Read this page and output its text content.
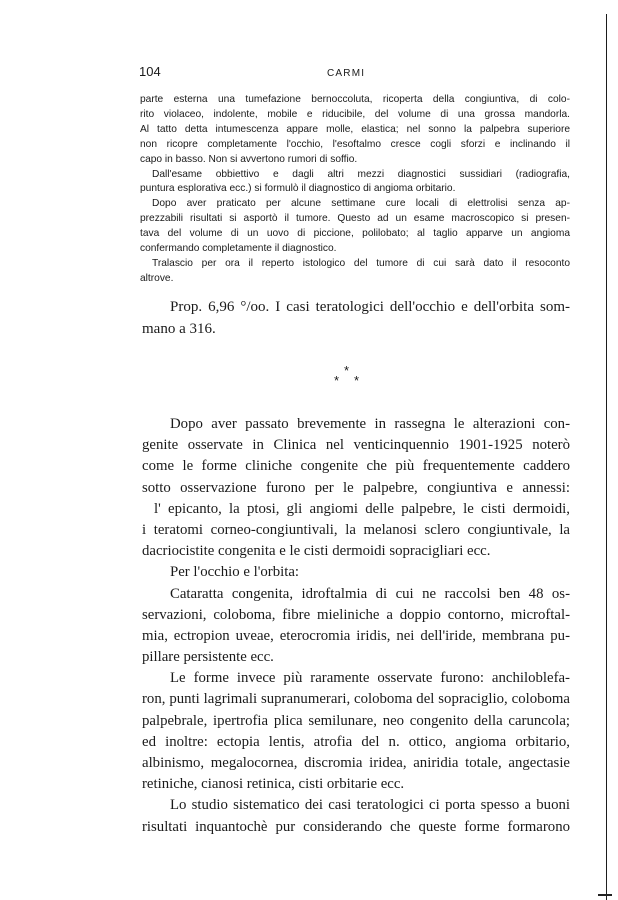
104	CARMI
parte esterna una tumefazione bernoccoluta, ricoperta della congiuntiva, di colo-
rito violaceo, indolente, mobile e riducibile, del volume di una grossa mandorla.
Al tatto detta intumescenza appare molle, elastica; nel sonno la palpebra superiore
non ricopre completamente l'occhio, l'esoftalmo cresce cogli sforzi e inclinando il
capo in basso. Non si avvertono rumori di soffio.
Dall'esame obbiettivo e dagli altri mezzi diagnostici sussidiari (radiografia,
puntura esplorativa ecc.) si formulò il diagnostico di angioma orbitario.
Dopo aver praticato per alcune settimane cure locali di elettrolisi senza ap-
prezzabili risultati si asportò il tumore. Questo ad un esame macroscopico si presen-
tava del volume di un uovo di piccione, polilobato; al taglio apparve un angioma
confermando completamente il diagnostico.
Tralascio per ora il reperto istologico del tumore di cui sarà dato il resoconto
altrove.
Prop. 6,96 °/oo. I casi teratologici dell'occhio e dell'orbita som-
mano a 316.
*
* *
Dopo aver passato brevemente in rassegna le alterazioni con-
genite osservate in Clinica nel venticinquennio 1901-1925 noterò
come le forme cliniche congenite che più frequentemente caddero
sotto osservazione furono per le palpebre, congiuntiva e annessi:
l' epicanto, la ptosi, gli angiomi delle palpebre, le cisti dermoidi,
i teratomi corneo-congiuntivali, la melanosi sclero congiuntivale, la
dacriocistite congenita e le cisti dermoidi sopracigliari ecc.
Per l'occhio e l'orbita:
Cataratta congenita, idroftalmia di cui ne raccolsi ben 48 os-
servazioni, coloboma, fibre mieliniche a doppio contorno, microftal-
mia, ectropion uveae, eterocromia iridis, nei dell'iride, membrana pu-
pillare persistente ecc.
Le forme invece più raramente osservate furono: anchiloblefa-
ron, punti lagrimali supranumerari, coloboma del sopraciglio, coloboma
palpebrale, ipertrofia plica semilunare, neo congenito della caruncola;
ed inoltre: ectopia lentis, atrofia del n. ottico, angioma orbitario,
albinismo, megalocornea, discromia iridea, aniridia totale, angectasie
retiniche, cianosi retinica, cisti orbitarie ecc.
Lo studio sistematico dei casi teratologici ci porta spesso a buoni
risultati inquantochè pur considerando che queste forme formarono
